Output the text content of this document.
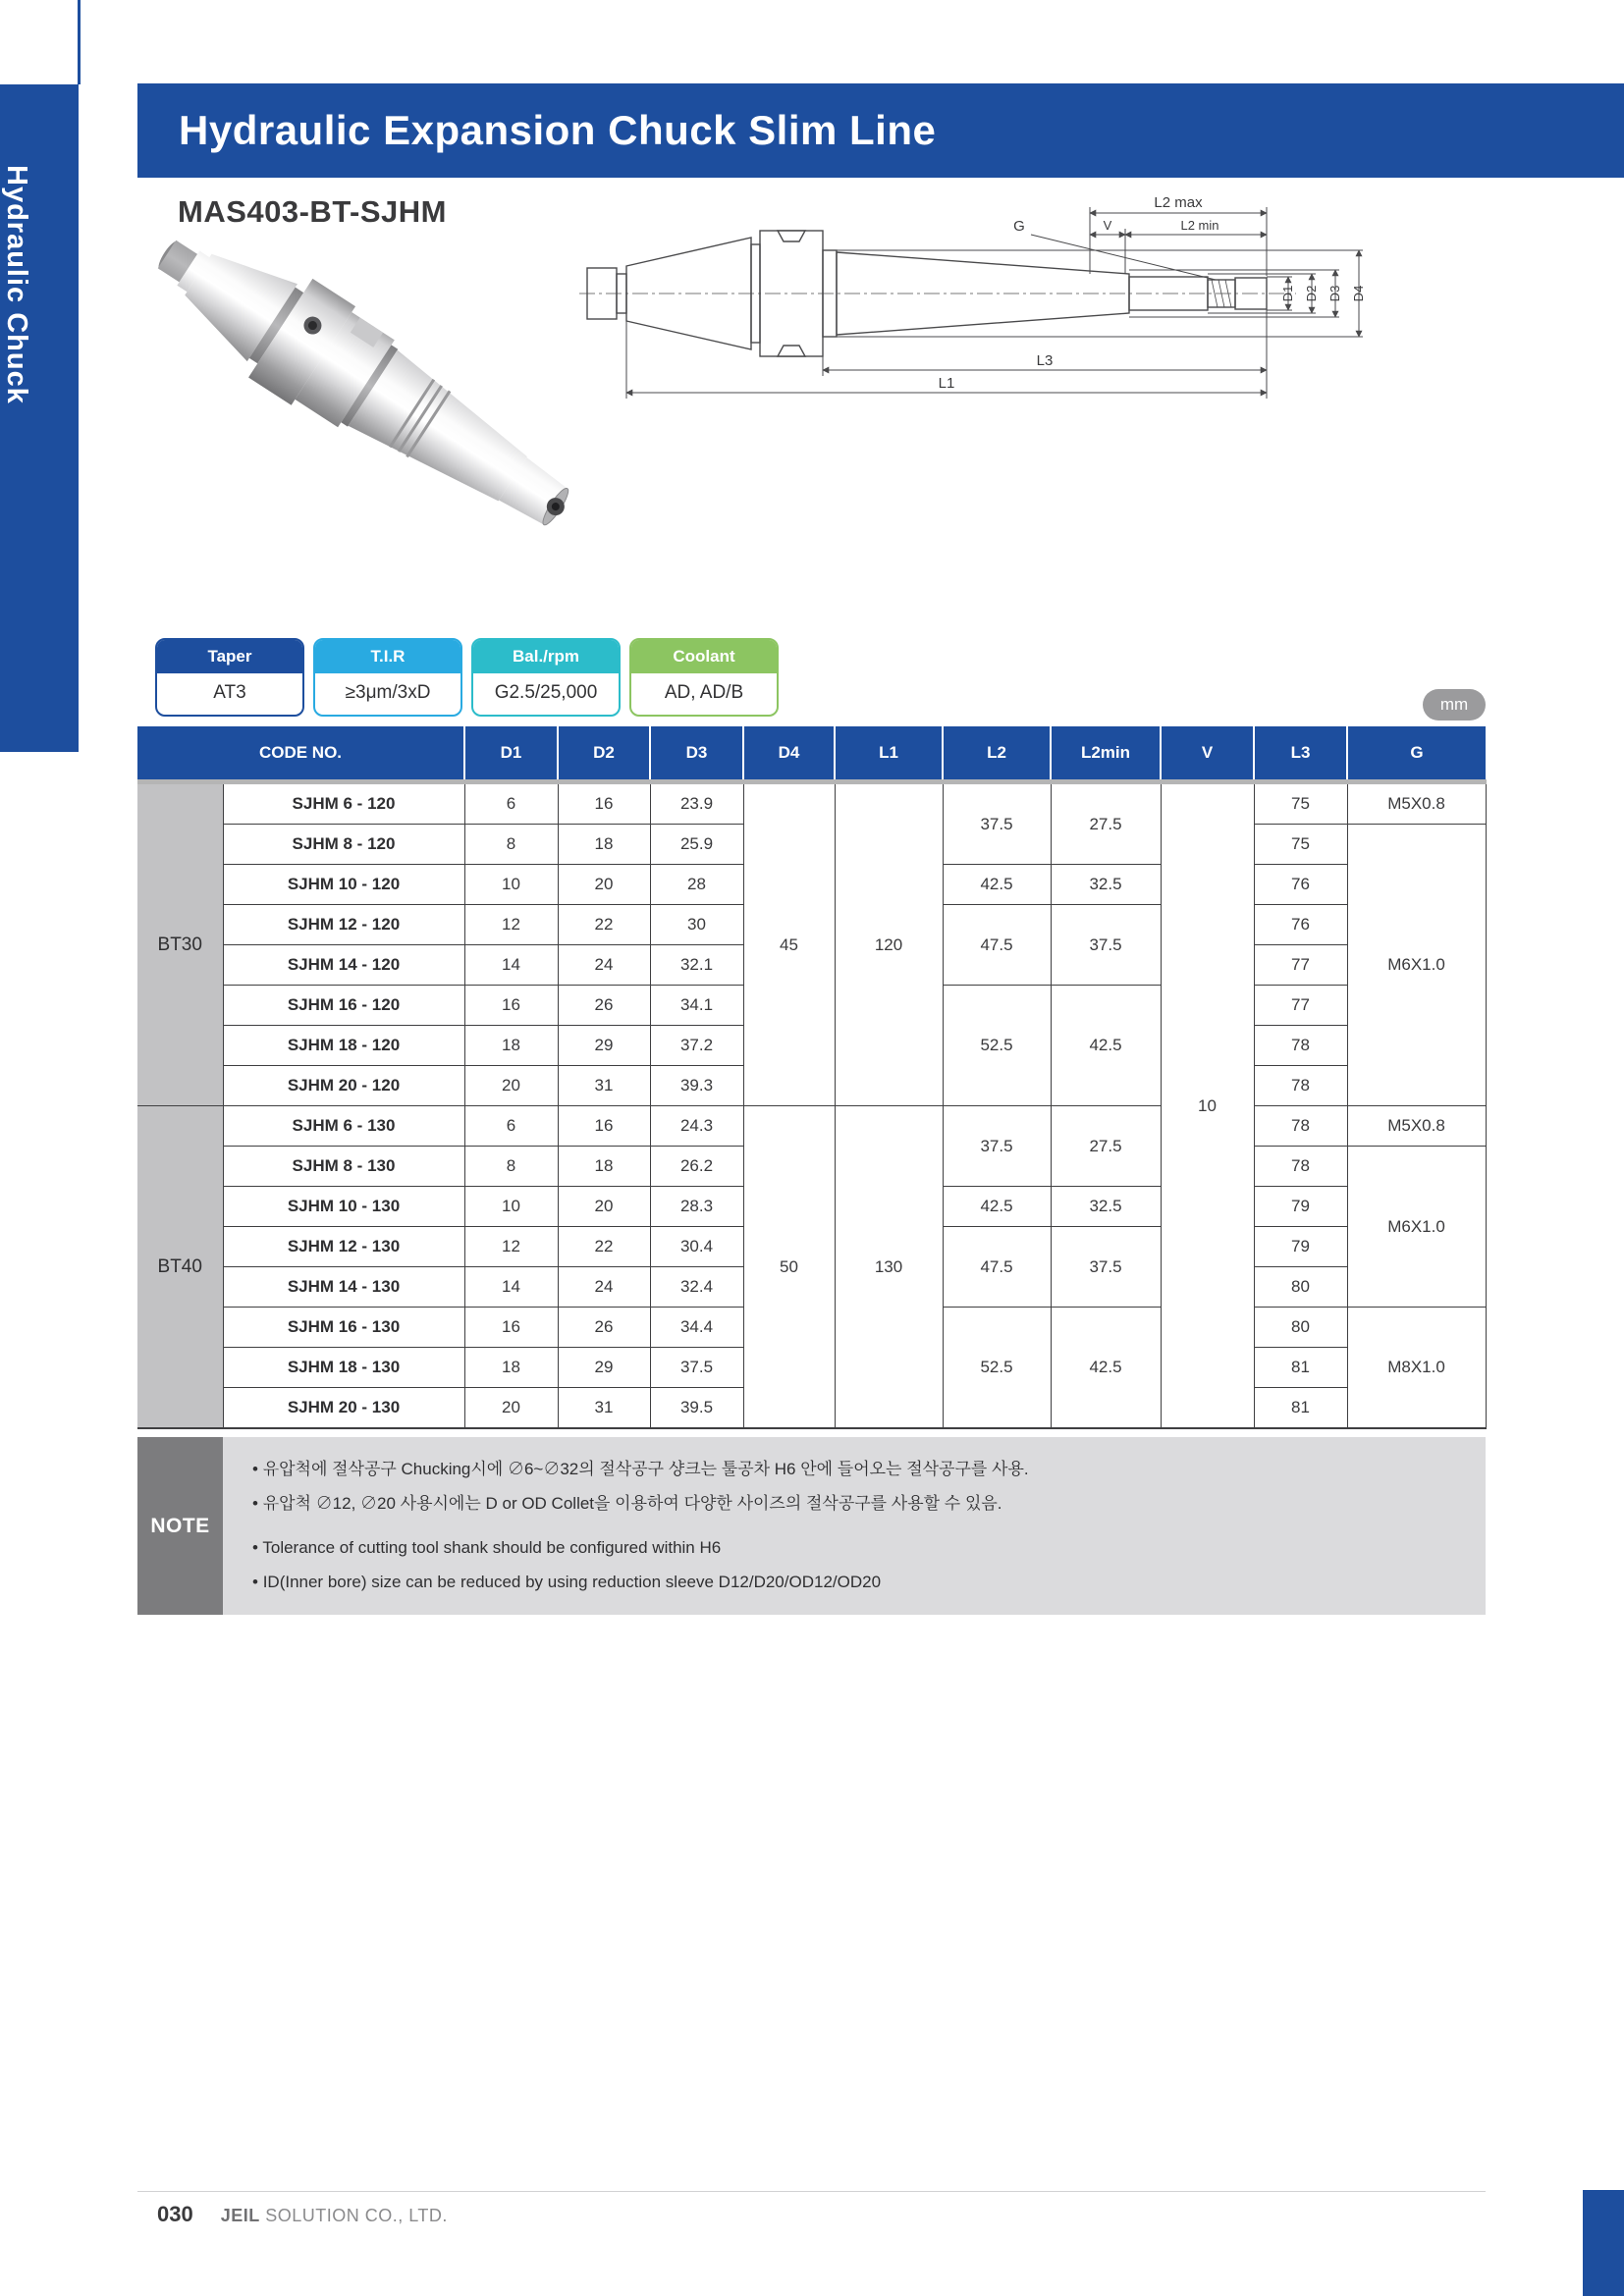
Hydraulic Chuck
Hydraulic Expansion Chuck Slim Line
MAS403-BT-SJHM	L2 max
V	L2 min
G
D1 D2 D3 D4
L3
L1
Taper
AT3
T.I.R
≥3μm/3xD
Bal./rpm
G2.5/25,000
Coolant
AD, AD/B
mm
CODE NO.		D1	D2	D3	D4	L1	L2	L2min	V	L3	G
BT30	SJHM 6 - 120	6	16	23.9	45	120	37.5	27.5	10	75	M5X0.8
	SJHM 8 - 120	8	18	25.9						75	M6X1.0
	SJHM 10 - 120	10	20	28			42.5	32.5		76	
	SJHM 12 - 120	12	22	30			47.5	37.5		76	
	SJHM 14 - 120	14	24	32.1						77	
	SJHM 16 - 120	16	26	34.1			52.5	42.5		77	
	SJHM 18 - 120	18	29	37.2						78	
	SJHM 20 - 120	20	31	39.3						78	
BT40	SJHM 6 - 130	6	16	24.3	50	130	37.5	27.5		78	M5X0.8
	SJHM 8 - 130	8	18	26.2						78	M6X1.0
	SJHM 10 - 130	10	20	28.3			42.5	32.5		79	
	SJHM 12 - 130	12	22	30.4			47.5	37.5		79	
	SJHM 14 - 130	14	24	32.4						80	
	SJHM 16 - 130	16	26	34.4			52.5	42.5		80	M8X1.0
	SJHM 18 - 130	18	29	37.5						81	
	SJHM 20 - 130	20	31	39.5						81	
NOTE
• 유압척에 절삭공구 Chucking시에 ∅6~∅32의 절삭공구 샹크는 툴공차 H6 안에 들어오는 절삭공구를 사용.
• 유압척 ∅12, ∅20 사용시에는 D or OD Collet을 이용하여 다양한 사이즈의 절삭공구를 사용할 수 있음.
• Tolerance of cutting tool shank should be configured within H6
• ID(Inner bore) size can be reduced by using reduction sleeve D12/D20/OD12/OD20
030 JEIL SOLUTION CO., LTD.
